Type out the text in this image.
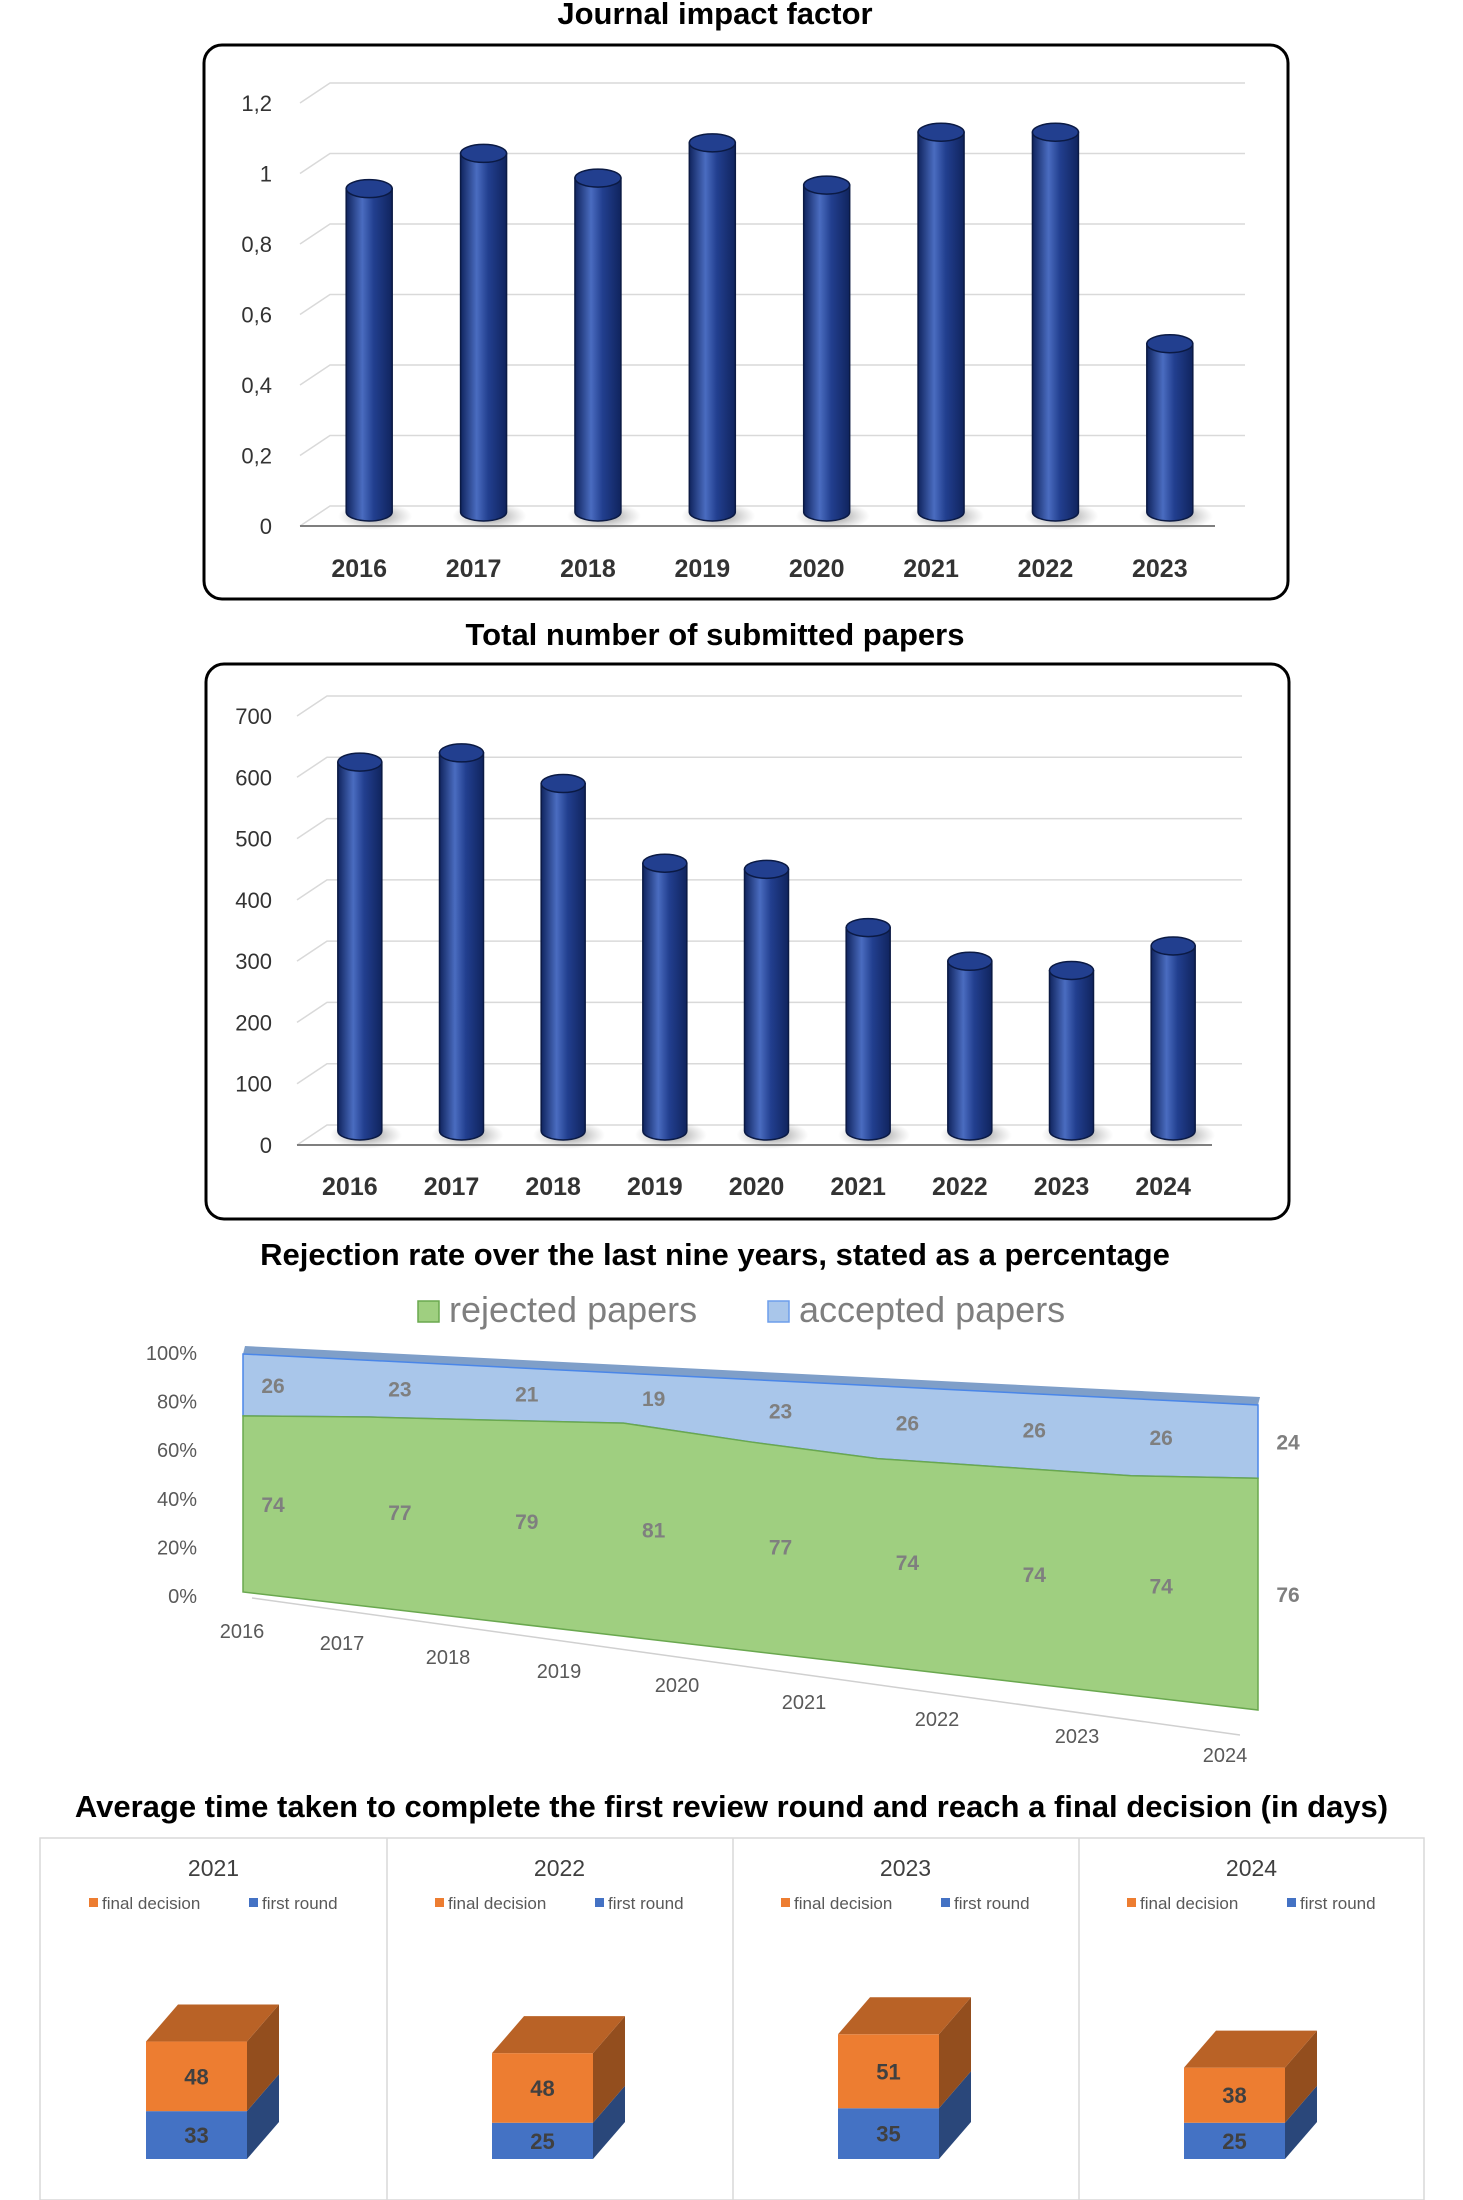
Journal impact factor
Total number of submitted papers
Rejection rate over the last nine years, stated as a percentage
Average time taken to complete the first review round and reach a final decision (in days)
0
0,2
0,4
0,6
0,8
1
1,2
2016 2017 2018 2019 2020 2021 2022 2023
0
100
200
300
400
500
600
700
2016 2017 2018 2019 2020 2021 2022 2023 2024
0%
20%
40%
60%
80%
100%
rejected papers	accepted papers
26
74
23
77
21
79
19
81
23
77
26
74
26
74
26
74
24
76
2016
2017
2018
2019
2020
2021
2022
2023
2024
2021
final decision	first round
33
48
2022
final decision	first round
25
48
2023
final decision	first round
35
51
2024
final decision	first round
25
38
